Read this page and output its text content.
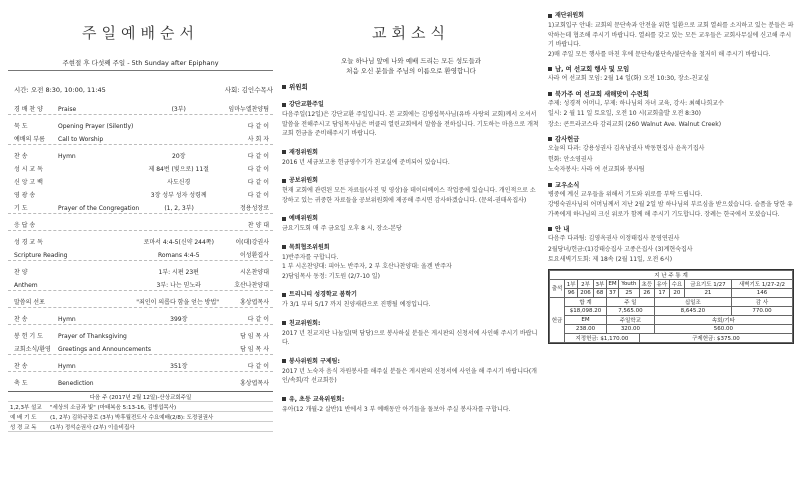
주일예배순서
주현절 후 다섯째 주일 - 5th Sunday after Epiphany
시간: 오전 8:30, 10:00, 11:45	사회: 김인수목사
경 배 찬 양	Praise	(3부)	임마누엘찬양팀
묵 도	Opening Prayer (Silently)	다 같 이
예배의 부름	Call to Worship	사 회 자
찬 송	Hymn	20장	다 같 이
성 시 교 독	제 84번 (빛으로) 11절	다 같 이
신 앙 고 백	사도신경	다 같 이
영 광 송	3장 성부 성자 성령께	다 같 이
기 도	Prayer of the Congregation	(1, 2, 3부)	정용성장로
응 답 송	찬 양 대
성 경 교 독	로마서 4:4-5(신약 244쪽)	이(대)강권사
Scripture Reading	Romans 4:4-5	이성환집사
찬 양	1부: 시편 23편	시온찬양대
Anthem	3부: 나는 믿노라	호산나찬양대
말씀의 선포	"죄인이 의롭다 함을 얻는 방법"	홍상엽목사
찬 송	Hymn	399장	다 같 이
봉 헌 기 도	Prayer of Thanksgiving	담 임 목 사
교회소식/환영	Greetings and Announcements	담 임 목 사
찬 송	Hymn	351장	다 같 이
축 도	Benediction	홍상엽목사
다음 주 (2017년 2월 12일)-산상교회주일
1,2,3부 설교	"세상의 소금과 빛" (마태복음 5:13-16, 김병섭목사)
예 배 기 도	(1, 2부) 김하규장로 (3부) 박후월전도사 수요예배(2/8): 도정권권사
성 경 교 독	(1부) 정석순권사 (2부) 이을비집사
교회소식
오늘 하나님 앞에 나와 예배 드리는 모든 성도들과
처음 오신 분들을 주님의 이름으로 환영합니다
위원회
강단교환주일
다음주일(12일)은 강단교환 주일입니다. 본 교회에는 김병섭목사님(유바 사랑의 교회)께서 오셔서 말씀을 전해주시고 담임목사님은 버클리 열린교회에서 말씀을 전하십니다. 기도하는 마음으로 개척교회 헌금을 준비해주시기 바랍니다.
재정위원회
2016 년 세금보고용 헌금영수기가 친교실에 준비되어 있습니다.
공보위원회
현재 교회에 관련된 모든 자료들(사진 및 영상)을 데이터베이스 작업중에 있습니다. 개인적으로 소장하고 있는 귀중한 자료들을 공보위원회에 제공해 주시면 감사하겠습니다. (문의-권태옥집사)
예배위원회
금요기도회 매 주 금요일 오후 8 시, 장소-본당
목회협조위원회
1)반주자를 구합니다.
1 부 시온찬양대: 피아노 반주자, 2 부 호산나찬양대: 올겐 반주자
2)담임목사 동정: 기도원 (2/7-10 일)
트리니티 성경학교 봄학기
가 3/1 부터 5/17 까지 친양새관으로 진행될 예정입니다.
친교위원회:
2017 년 친교지단 나눔일(떡 담당)으로 봉사하실 분들은 게시판의 신청서에 사인해 주시기 바랍니다.
봉사위원회 구제팀:
2017 년 노숙자 음식 자원봉사를 해주실 분들은 게시판의 신청서에 사인을 해 주시기 바랍니다(개인/속회/각 선교회등)
유, 초등 교육위원회:
유아(12 개월-2 살반)1 반에서 3 부 예배동안 아기들을 돌보아 주실 봉사자를 구합니다.
재단위원회
1)교회입구 안내: 교회의 문단속과 안전을 위한 일환으로 교회 열쇠를 소지하고 있는 분들은 파악하는데 협조해 주시기 바랍니다. 열쇠를 갖고 있는 모든 교우들은 교회사무실에 신고해 주시기 바랍니다.
2)매 주일 모든 행사를 마친 후에 문단속/불단속/불단속을 철저히 해 주시기 바랍니다.
남, 여 선교회 행사 및 모임
사라 여 선교회 모임: 2월 14 일(화) 오전 10:30, 장소-친교실
북가주 여 선교회 새해맞이 수련회
주제: 성경적 어머니, 부제: 하나님의 자녀 교육, 강사: 최혜나희교수
일시: 2 월 11 일 토요일, 오전 10 시(교회출발 오전 8:30)
장소: 콘트라코스타 감리교회 (260 Walnut Ave. Walnut Creek)
감사헌금
오늘의 다과: 강용성권사 김옥남권사 박동현집사 윤옥기집사
헌화: 안소영권사
노숙자봉사: 사라 여 선교회와 봉사팀
교우소식
병중에 계신 교우들을 위해서 기도와 위로를 부탁 드립니다.
강병숙권사님의 어머님께서 지난 2월 2일 밤 하나님의 부르심을 받으셨습니다. 슬픔을 당한 유가족에게 하나님의 크신 위로가 함께 해 주시기 기도합니다. 장례는 한국에서 모셨습니다.
안 내
다음주 다과팀: 김영옥권사 이정태집사 문영연권사
2월당녀/헌금:(1)강태승집사 고종은집사 (3)계현숙집사
토요새벽기도회: 제 18속 (2월 11일, 오전 6시)
지 난 주 통 계										
출석	1부	2부	3부	EM	Youth	초등	유아	수요	금요기도 1/27	새벽기도 1/27-2/2
	96	206	68	37	25	26	17	20	21	146
헌금	합 계			주 일			십일조			감 사
	$18,098.20			7,565.00			8,645.20			770.00
	EM			주일학교			속회/기타			
	238.00			320.00			560.00			
	지정헌금: $1,170.00					구제헌금: $375.00				
